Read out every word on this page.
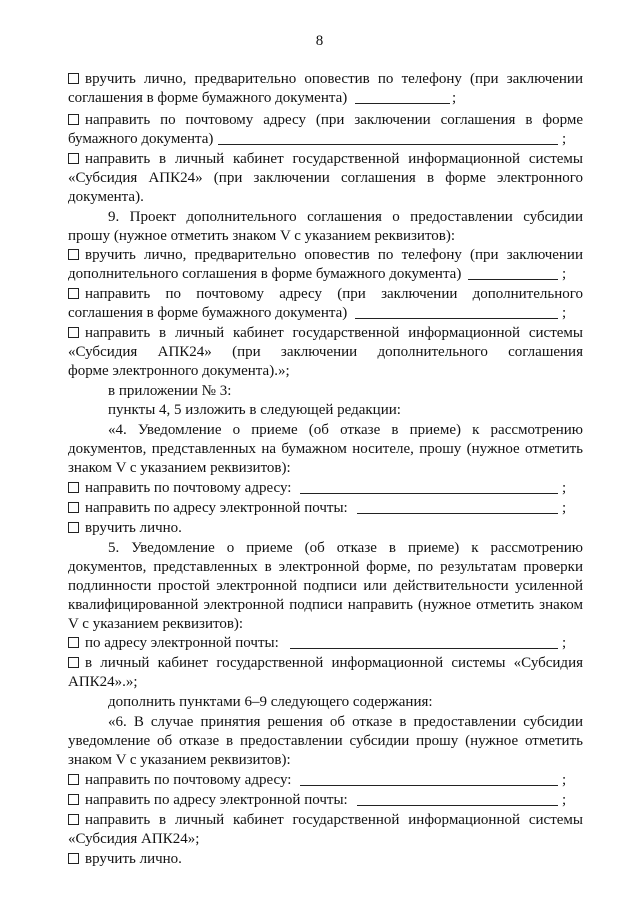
8
вручить лично, предварительно оповестив по телефону (при заключении
соглашения в форме бумажного документа)	;
направить по почтовому адресу (при заключении соглашения в форме
бумажного документа)	;
направить в личный кабинет государственной информационной системы
«Субсидия АПК24» (при заключении соглашения в форме электронного
документа).
9. Проект дополнительного соглашения о предоставлении субсидии
прошу (нужное отметить знаком V с указанием реквизитов):
вручить лично, предварительно оповестив по телефону (при заключении
дополнительного соглашения в форме бумажного документа)	;
направить по почтовому адресу (при заключении дополнительного
соглашения в форме бумажного документа)	;
направить в личный кабинет государственной информационной системы
«Субсидия АПК24» (при заключении дополнительного соглашения
форме электронного документа).»;
в приложении № 3:
пункты 4, 5 изложить в следующей редакции:
«4. Уведомление о приеме (об отказе в приеме) к рассмотрению
документов, представленных на бумажном носителе, прошу (нужное отметить
знаком V с указанием реквизитов):
направить по почтовому адресу:	;
направить по адресу электронной почты:	;
вручить лично.
5. Уведомление о приеме (об отказе в приеме) к рассмотрению
документов, представленных в электронной форме, по результатам проверки
подлинности простой электронной подписи или действительности усиленной
квалифицированной электронной подписи направить (нужное отметить знаком
V с указанием реквизитов):
по адресу электронной почты:	;
в личный кабинет государственной информационной системы «Субсидия
АПК24».»;
дополнить пунктами 6–9 следующего содержания:
«6. В случае принятия решения об отказе в предоставлении субсидии
уведомление об отказе в предоставлении субсидии прошу (нужное отметить
знаком V с указанием реквизитов):
направить по почтовому адресу:	;
направить по адресу электронной почты:	;
направить в личный кабинет государственной информационной системы
«Субсидия АПК24»;
вручить лично.
